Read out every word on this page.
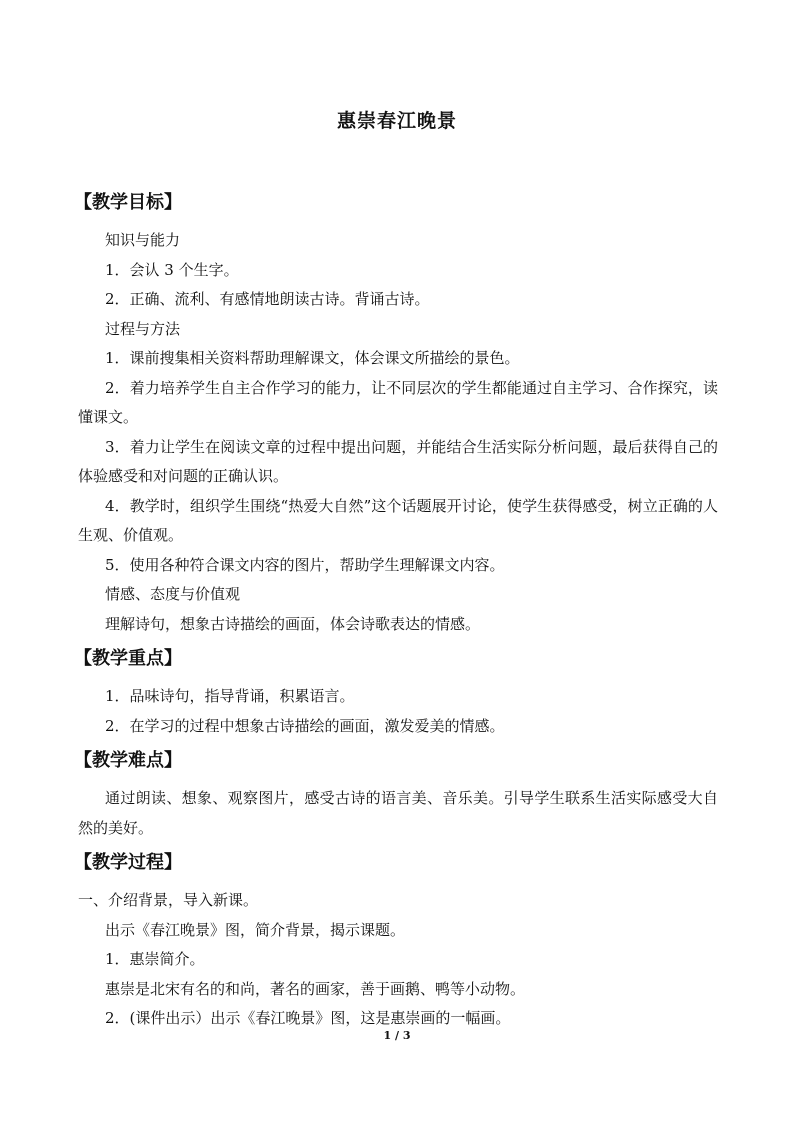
惠崇春江晚景
【教学目标】
知识与能力
1．会认 3 个生字。
2．正确、流利、有感情地朗读古诗。背诵古诗。
过程与方法
1．课前搜集相关资料帮助理解课文，体会课文所描绘的景色。
2．着力培养学生自主合作学习的能力，让不同层次的学生都能通过自主学习、合作探究，读懂课文。
3．着力让学生在阅读文章的过程中提出问题，并能结合生活实际分析问题，最后获得自己的体验感受和对问题的正确认识。
4．教学时，组织学生围绕“热爱大自然”这个话题展开讨论，使学生获得感受，树立正确的人生观、价值观。
5．使用各种符合课文内容的图片，帮助学生理解课文内容。
情感、态度与价值观
理解诗句，想象古诗描绘的画面，体会诗歌表达的情感。
【教学重点】
1．品味诗句，指导背诵，积累语言。
2．在学习的过程中想象古诗描绘的画面，激发爱美的情感。
【教学难点】
通过朗读、想象、观察图片，感受古诗的语言美、音乐美。引导学生联系生活实际感受大自然的美好。
【教学过程】
一、介绍背景，导入新课。
出示《春江晚景》图，简介背景，揭示课题。
1．惠崇简介。
惠崇是北宋有名的和尚，著名的画家，善于画鹅、鸭等小动物。
2．(课件出示）出示《春江晚景》图，这是惠崇画的一幅画。
1 / 3
